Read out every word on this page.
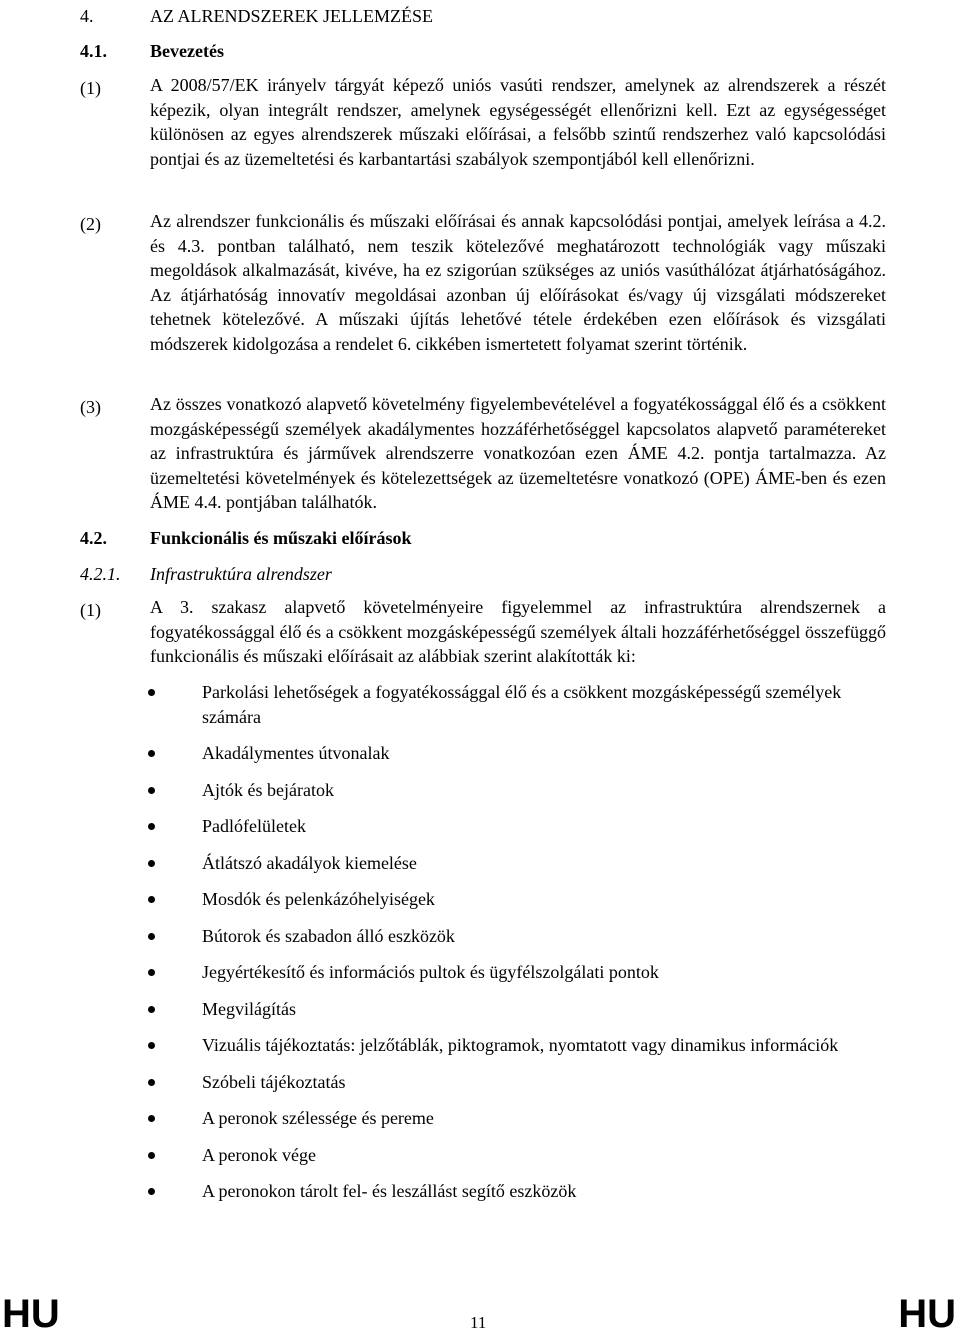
4.	AZ ALRENDSZEREK JELLEMZÉSE
4.1. Bevezetés
(1)	A 2008/57/EK irányelv tárgyát képező uniós vasúti rendszer, amelynek az alrendszerek a részét képezik, olyan integrált rendszer, amelynek egységességét ellenőrizni kell. Ezt az egységességet különösen az egyes alrendszerek műszaki előírásai, a felsőbb szintű rendszerhez való kapcsolódási pontjai és az üzemeltetési és karbantartási szabályok szempontjából kell ellenőrizni.
(2)	Az alrendszer funkcionális és műszaki előírásai és annak kapcsolódási pontjai, amelyek leírása a 4.2. és 4.3. pontban található, nem teszik kötelezővé meghatározott technológiák vagy műszaki megoldások alkalmazását, kivéve, ha ez szigorúan szükséges az uniós vasúthálózat átjárhatóságához. Az átjárhatóság innovatív megoldásai azonban új előírásokat és/vagy új vizsgálati módszereket tehetnek kötelezővé. A műszaki újítás lehetővé tétele érdekében ezen előírások és vizsgálati módszerek kidolgozása a rendelet 6. cikkében ismertetett folyamat szerint történik.
(3)	Az összes vonatkozó alapvető követelmény figyelembevételével a fogyatékossággal élő és a csökkent mozgásképességű személyek akadálymentes hozzáférhetőséggel kapcsolatos alapvető paramétereket az infrastruktúra és járművek alrendszerre vonatkozóan ezen ÁME 4.2. pontja tartalmazza. Az üzemeltetési követelmények és kötelezettségek az üzemeltetésre vonatkozó (OPE) ÁME-ben és ezen ÁME 4.4. pontjában találhatók.
4.2. Funkcionális és műszaki előírások
4.2.1. Infrastruktúra alrendszer
(1)	A 3. szakasz alapvető követelményeire figyelemmel az infrastruktúra alrendszernek a fogyatékossággal élő és a csökkent mozgásképességű személyek általi hozzáférhetőséggel összefüggő funkcionális és műszaki előírásait az alábbiak szerint alakították ki:
Parkolási lehetőségek a fogyatékossággal élő és a csökkent mozgásképességű személyek számára
Akadálymentes útvonalak
Ajtók és bejáratok
Padlófelületek
Átlátszó akadályok kiemelése
Mosdók és pelenkázóhelyiségek
Bútorok és szabadon álló eszközök
Jegyértékesítő és információs pultok és ügyfélszolgálati pontok
Megvilágítás
Vizuális tájékoztatás: jelzőtáblák, piktogramok, nyomtatott vagy dinamikus információk
Szóbeli tájékoztatás
A peronok szélessége és pereme
A peronok vége
A peronokon tárolt fel- és leszállást segítő eszközök
HU	11	HU
